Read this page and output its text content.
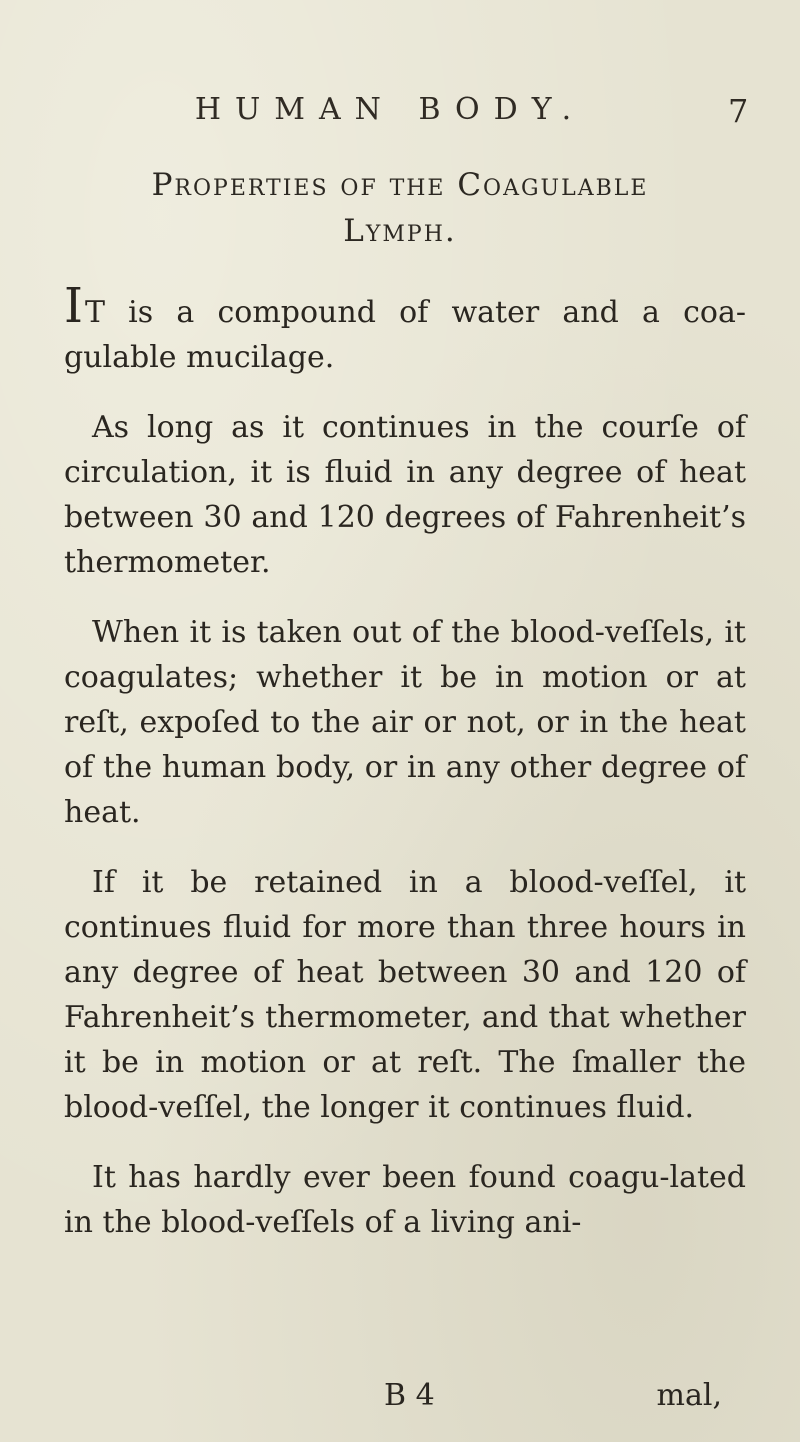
HUMAN BODY.	7
Properties of the Coagulable Lymph.

IT is a compound of water and a coa-gulable mucilage.

As long as it continues in the courſe of circulation, it is fluid in any degree of heat between 30 and 120 degrees of Fahrenheit’s thermometer.

When it is taken out of the blood-veſſels, it coagulates; whether it be in motion or at reſt, expoſed to the air or not, or in the heat of the human body, or in any other degree of heat.

If it be retained in a blood-veſſel, it continues fluid for more than three hours in any degree of heat between 30 and 120 of Fahrenheit’s thermometer, and that whether it be in motion or at reſt. The ſmaller the blood-veſſel, the longer it continues fluid.

It has hardly ever been found coagu-lated in the blood-veſſels of a living ani-

B 4	mal,
